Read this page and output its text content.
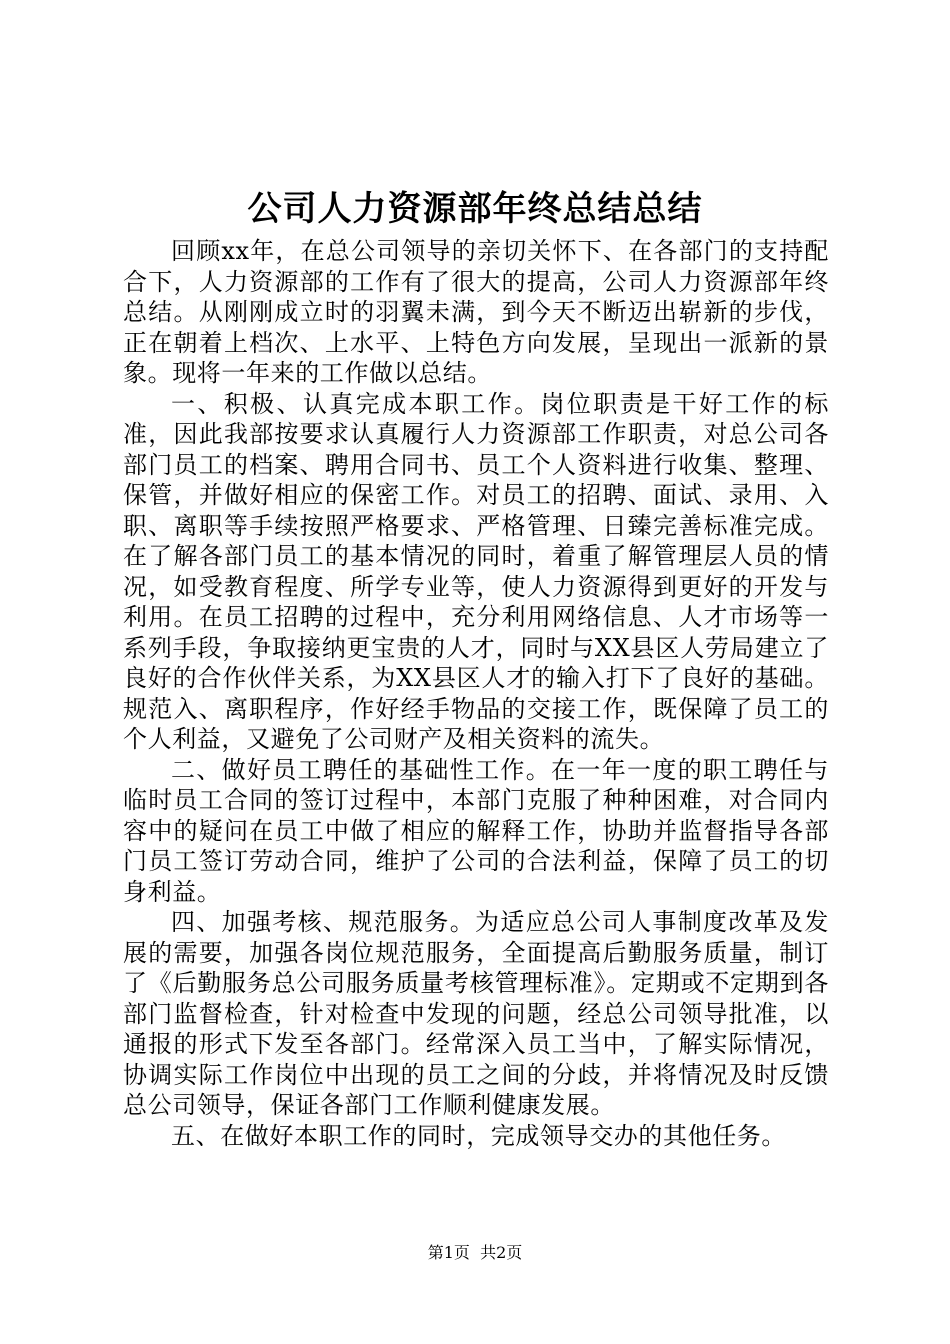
公司人力资源部年终总结总结

回顾xx年，在总公司领导的亲切关怀下、在各部门的支持配合下，人力资源部的工作有了很大的提高，公司人力资源部年终总结。从刚刚成立时的羽翼未满，到今天不断迈出崭新的步伐，正在朝着上档次、上水平、上特色方向发展，呈现出一派新的景象。现将一年来的工作做以总结。

一、积极、认真完成本职工作。岗位职责是干好工作的标准，因此我部按要求认真履行人力资源部工作职责，对总公司各部门员工的档案、聘用合同书、员工个人资料进行收集、整理、保管，并做好相应的保密工作。对员工的招聘、面试、录用、入职、离职等手续按照严格要求、严格管理、日臻完善标准完成。在了解各部门员工的基本情况的同时，着重了解管理层人员的情况，如受教育程度、所学专业等，使人力资源得到更好的开发与利用。在员工招聘的过程中，充分利用网络信息、人才市场等一系列手段，争取接纳更宝贵的人才，同时与XX县区人劳局建立了良好的合作伙伴关系，为XX县区人才的输入打下了良好的基础。规范入、离职程序，作好经手物品的交接工作，既保障了员工的个人利益，又避免了公司财产及相关资料的流失。

二、做好员工聘任的基础性工作。在一年一度的职工聘任与临时员工合同的签订过程中，本部门克服了种种困难，对合同内容中的疑问在员工中做了相应的解释工作，协助并监督指导各部门员工签订劳动合同，维护了公司的合法利益，保障了员工的切身利益。

四、加强考核、规范服务。为适应总公司人事制度改革及发展的需要，加强各岗位规范服务，全面提高后勤服务质量，制订了《后勤服务总公司服务质量考核管理标准》。定期或不定期到各部门监督检查，针对检查中发现的问题，经总公司领导批准，以通报的形式下发至各部门。经常深入员工当中，了解实际情况，协调实际工作岗位中出现的员工之间的分歧，并将情况及时反馈总公司领导，保证各部门工作顺利健康发展。

五、在做好本职工作的同时，完成领导交办的其他任务。

第1页  共2页
